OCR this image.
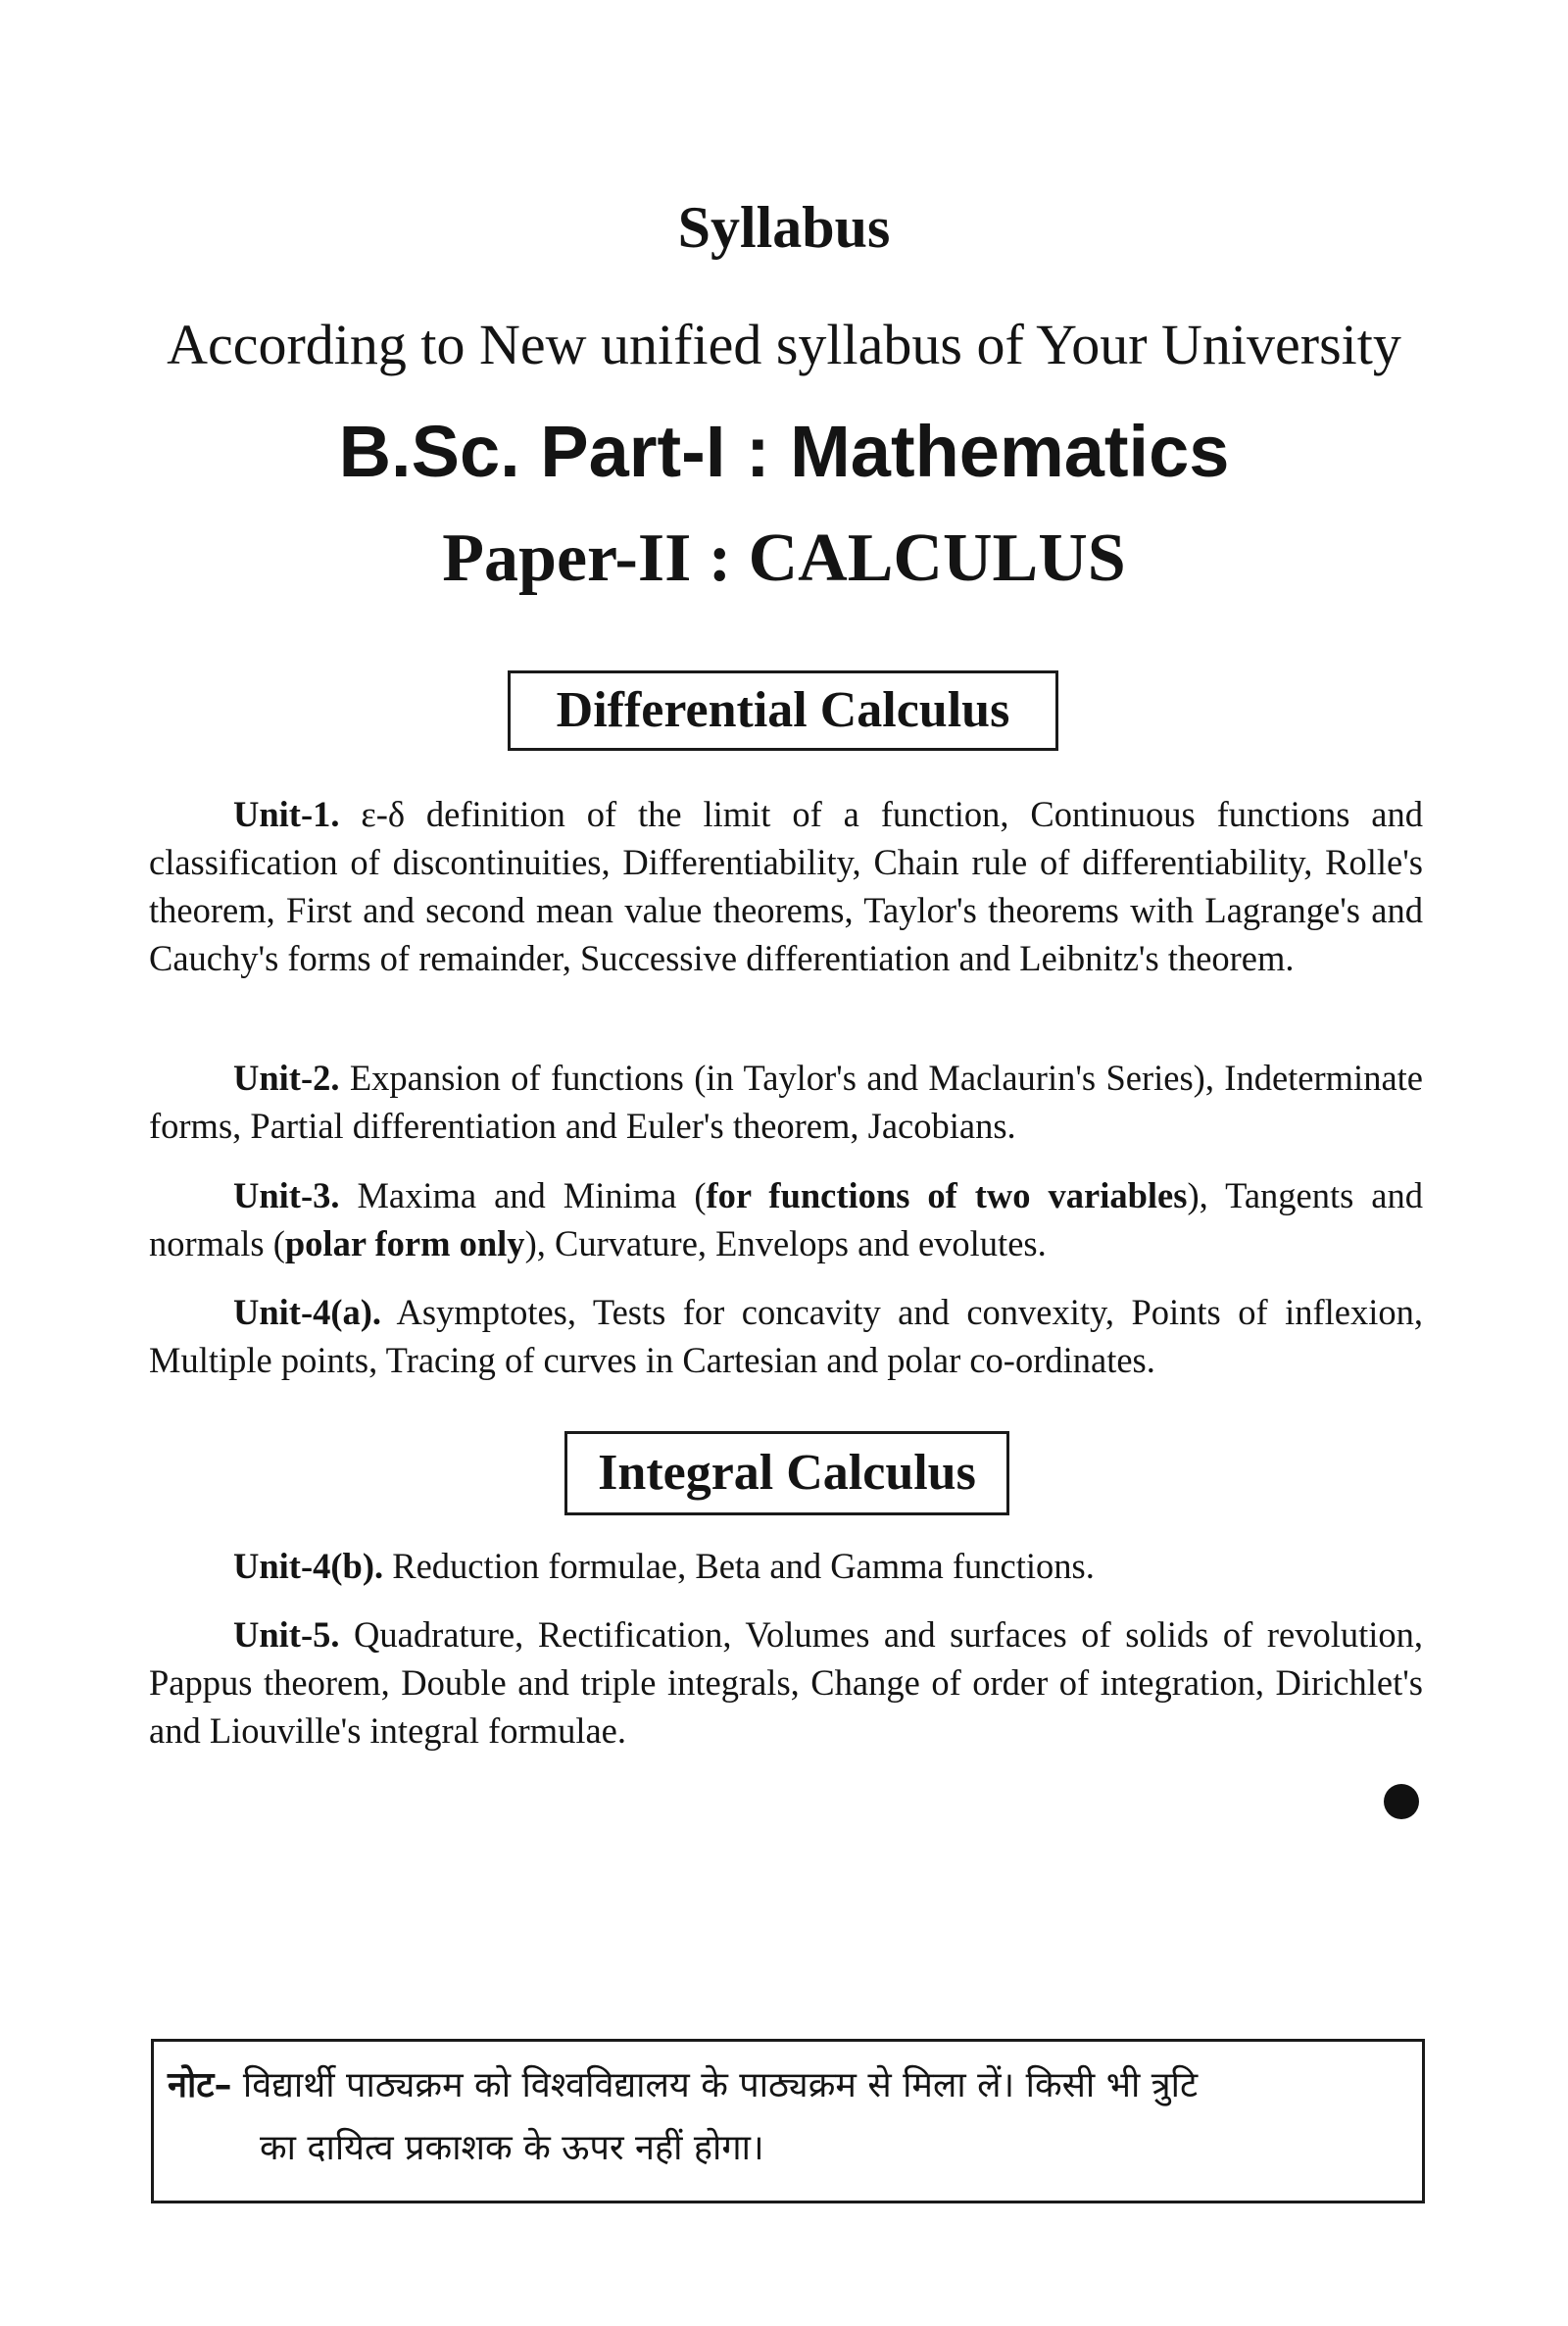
Syllabus
According to New unified syllabus of Your University
B.Sc. Part-I : Mathematics
Paper-II : CALCULUS
Differential Calculus

Unit-1. ε-δ definition of the limit of a function, Continuous functions and classification of discontinuities, Differentiability, Chain rule of differentiability, Rolle's theorem, First and second mean value theorems, Taylor's theorems with Lagrange's and Cauchy's forms of remainder, Successive differentiation and Leibnitz's theorem.

Unit-2. Expansion of functions (in Taylor's and Maclaurin's Series), Indeterminate forms, Partial differentiation and Euler's theorem, Jacobians.

Unit-3. Maxima and Minima (for functions of two variables), Tangents and normals (polar form only), Curvature, Envelops and evolutes.

Unit-4(a). Asymptotes, Tests for concavity and convexity, Points of inflexion, Multiple points, Tracing of curves in Cartesian and polar co-ordinates.

Integral Calculus

Unit-4(b). Reduction formulae, Beta and Gamma functions.

Unit-5. Quadrature, Rectification, Volumes and surfaces of solids of revolution, Pappus theorem, Double and triple integrals, Change of order of integration, Dirichlet's and Liouville's integral formulae.

नोट– विद्यार्थी पाठ्यक्रम को विश्वविद्यालय के पाठ्यक्रम से मिला लें। किसी भी त्रुटि
का दायित्व प्रकाशक के ऊपर नहीं होगा।
